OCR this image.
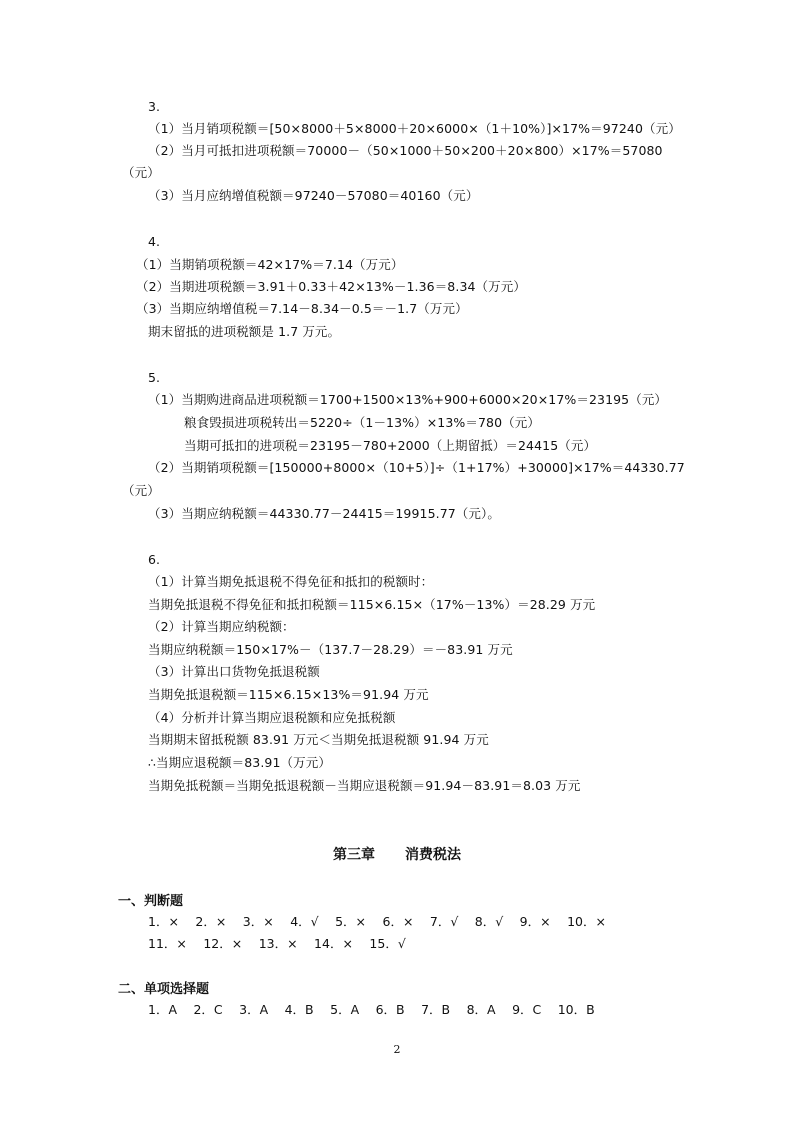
3.
（1）当月销项税额＝[50×8000＋5×8000＋20×6000×（1＋10%）]×17%＝97240（元）
（2）当月可抵扣进项税额＝70000－（50×1000＋50×200＋20×800）×17%＝57080
（元）
（3）当月应纳增值税额＝97240－57080＝40160（元）
4.
（1）当期销项税额＝42×17%＝7.14（万元）
（2）当期进项税额＝3.91＋0.33＋42×13%－1.36＝8.34（万元）
（3）当期应纳增值税＝7.14－8.34－0.5＝－1.7（万元）
期末留抵的进项税额是 1.7 万元。
5.
（1）当期购进商品进项税额＝1700+1500×13%+900+6000×20×17%＝23195（元）
粮食毁损进项税转出＝5220÷（1－13%）×13%＝780（元）
当期可抵扣的进项税＝23195－780+2000（上期留抵）＝24415（元）
（2）当期销项税额＝[150000+8000×（10+5）]÷（1+17%）+30000]×17%＝44330.77
（元）
（3）当期应纳税额＝44330.77－24415＝19915.77（元）。
6.
（1）计算当期免抵退税不得免征和抵扣的税额时：
当期免抵退税不得免征和抵扣税额＝115×6.15×（17%－13%）＝28.29 万元
（2）计算当期应纳税额：
当期应纳税额＝150×17%－（137.7－28.29）＝－83.91 万元
（3）计算出口货物免抵退税额
当期免抵退税额＝115×6.15×13%＝91.94 万元
（4）分析并计算当期应退税额和应免抵税额
当期期末留抵税额 83.91 万元＜当期免抵退税额 91.94 万元
∴当期应退税额＝83.91（万元）
当期免抵税额＝当期免抵退税额－当期应退税额＝91.94－83.91＝8.03 万元
第三章 消费税法
一、判断题
1．×　 2．×　 3．×　 4．√　 5．×　 6．×　 7．√　 8．√　 9．×　 10．×
11．×　 12．×　 13．×　 14．×　 15．√
二、单项选择题
1．A　 2．C　 3．A　 4．B　 5．A　 6．B　 7．B　 8．A　 9．C　 10．B
2
